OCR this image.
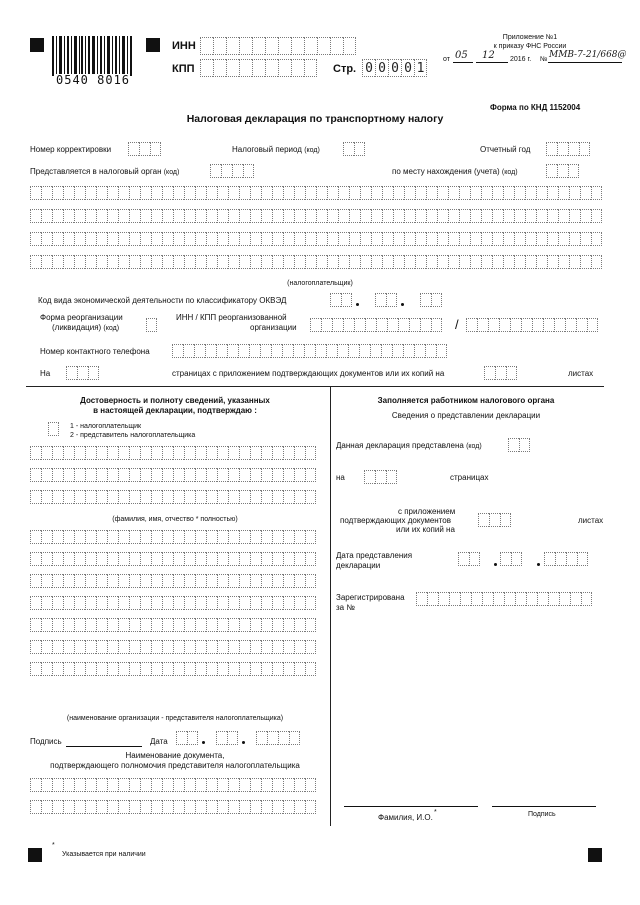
0540 8016
ИНН
КПП	Стр. 0 0 0 0 1
Приложение №1
к приказу ФНС России
от 05 12 2016 г. № ММВ-7-21/668@
Форма по КНД 1152004
Налоговая декларация по транспортному налогу
Номер корректировки	Налоговый период (код)	Отчетный год
Представляется в налоговый орган (код)	по месту нахождения (учета) (код)
(налогоплательщик)
Код вида экономической деятельности по классификатору ОКВЭД
Форма реорганизации
(ликвидация) (код)
ИНН / КПП реорганизованной
организации	/
Номер контактного телефона
На	страницах с приложением подтверждающих документов или их копий на	листах
Достоверность и полноту сведений, указанных
в настоящей декларации, подтверждаю :
1 - налогоплательщик
2 - представитель налогоплательщика
(фамилия, имя, отчество * полностью)
(наименование организации - представителя налогоплательщика)
Подпись	Дата
Наименование документа,
подтверждающего полномочия представителя налогоплательщика
Заполняется работником налогового органа
Сведения о представлении декларации
Данная декларация представлена (код)
на	страницах
с приложением
подтверждающих документов
или их копий на
листах
Дата представления
декларации
Зарегистрирована
за №
Фамилия, И.О.
*	Подпись
*
Указывается при наличии
